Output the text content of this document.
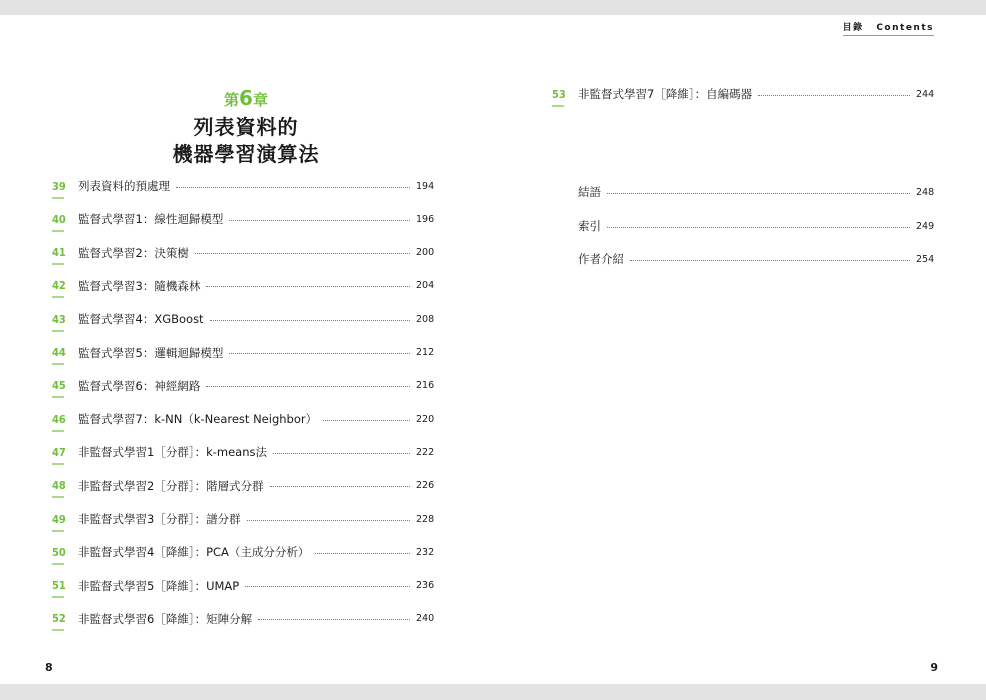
目錄 Contents
第6章
列表資料的
機器學習演算法
39	列表資料的預處理	194
40	監督式學習1：線性迴歸模型	196
41	監督式學習2：決策樹	200
42	監督式學習3：隨機森林	204
43	監督式學習4：XGBoost	208
44	監督式學習5：邏輯迴歸模型	212
45	監督式學習6：神經網路	216
46	監督式學習7：k-NN（k-Nearest Neighbor）	220
47	非監督式學習1［分群］：k-means法	222
48	非監督式學習2［分群］：階層式分群	226
49	非監督式學習3［分群］：譜分群	228
50	非監督式學習4［降維］：PCA（主成分分析）	232
51	非監督式學習5［降維］：UMAP	236
52	非監督式學習6［降維］：矩陣分解	240
53	非監督式學習7［降維］：自編碼器	244
結語	248
索引	249
作者介紹	254
8	9
